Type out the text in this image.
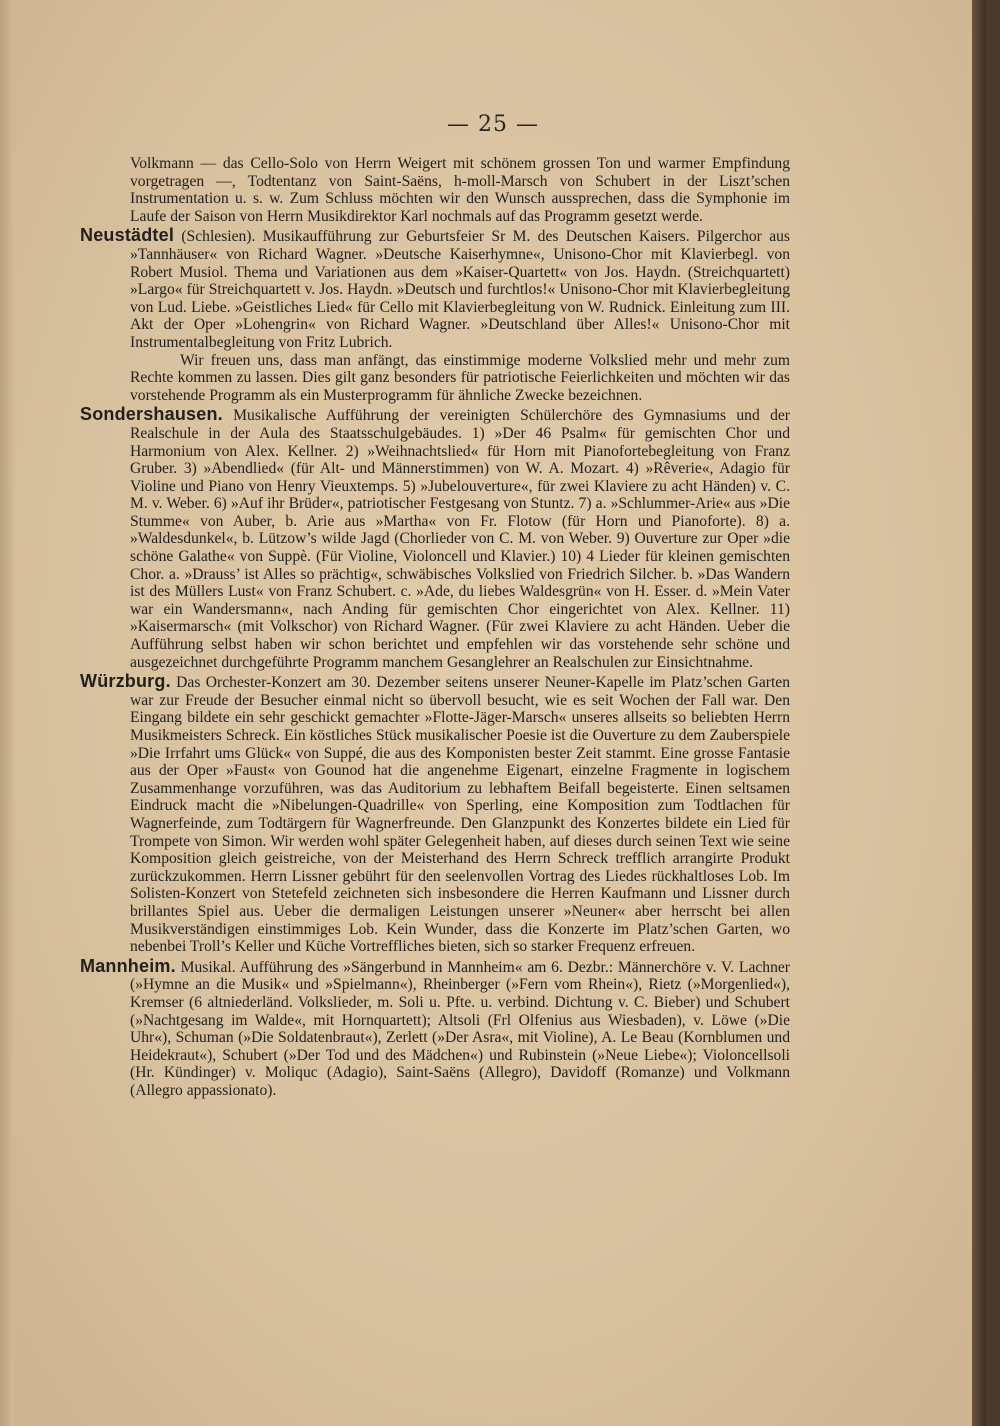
— 25 —

Volkmann — das Cello-Solo von Herrn Weigert mit schönem grossen Ton und warmer Empfindung vorgetragen —, Todtentanz von Saint-Saëns, h-moll-Marsch von Schubert in der Liszt’schen Instrumentation u. s. w. Zum Schluss möchten wir den Wunsch aussprechen, dass die Symphonie im Laufe der Saison von Herrn Musikdirektor Karl nochmals auf das Programm gesetzt werde.

Neustädtel (Schlesien). Musikaufführung zur Geburtsfeier Sr M. des Deutschen Kaisers. Pilgerchor aus »Tannhäuser« von Richard Wagner. »Deutsche Kaiserhymne«, Unisono-Chor mit Klavierbegl. von Robert Musiol. Thema und Variationen aus dem »Kaiser-Quartett« von Jos. Haydn. (Streichquartett) »Largo« für Streichquartett v. Jos. Haydn. »Deutsch und furchtlos!« Unisono-Chor mit Klavierbegleitung von Lud. Liebe. »Geistliches Lied« für Cello mit Klavierbegleitung von W. Rudnick. Einleitung zum III. Akt der Oper »Lohengrin« von Richard Wagner. »Deutschland über Alles!« Unisono-Chor mit Instrumentalbegleitung von Fritz Lubrich.

Wir freuen uns, dass man anfängt, das einstimmige moderne Volkslied mehr und mehr zum Rechte kommen zu lassen. Dies gilt ganz besonders für patriotische Feierlichkeiten und möchten wir das vorstehende Programm als ein Musterprogramm für ähnliche Zwecke bezeichnen.

Sondershausen. Musikalische Aufführung der vereinigten Schülerchöre des Gymnasiums und der Realschule in der Aula des Staatsschulgebäudes. 1) »Der 46 Psalm« für gemischten Chor und Harmonium von Alex. Kellner. 2) »Weihnachtslied« für Horn mit Pianofortebegleitung von Franz Gruber. 3) »Abendlied« (für Alt- und Männerstimmen) von W. A. Mozart. 4) »Rêverie«, Adagio für Violine und Piano von Henry Vieuxtemps. 5) »Jubelouverture«, für zwei Klaviere zu acht Händen) v. C. M. v. Weber. 6) »Auf ihr Brüder«, patriotischer Festgesang von Stuntz. 7) a. »Schlummer-Arie« aus »Die Stumme« von Auber, b. Arie aus »Martha« von Fr. Flotow (für Horn und Pianoforte). 8) a. »Waldesdunkel«, b. Lützow’s wilde Jagd (Chorlieder von C. M. von Weber. 9) Ouverture zur Oper »die schöne Galathe« von Suppè. (Für Violine, Violoncell und Klavier.) 10) 4 Lieder für kleinen gemischten Chor. a. »Drauss’ ist Alles so prächtig«, schwäbisches Volkslied von Friedrich Silcher. b. »Das Wandern ist des Müllers Lust« von Franz Schubert. c. »Ade, du liebes Waldesgrün« von H. Esser. d. »Mein Vater war ein Wandersmann«, nach Anding für gemischten Chor eingerichtet von Alex. Kellner. 11) »Kaisermarsch« (mit Volkschor) von Richard Wagner. (Für zwei Klaviere zu acht Händen. Ueber die Aufführung selbst haben wir schon berichtet und empfehlen wir das vorstehende sehr schöne und ausgezeichnet durchgeführte Programm manchem Gesanglehrer an Realschulen zur Einsichtnahme.

Würzburg. Das Orchester-Konzert am 30. Dezember seitens unserer Neuner-Kapelle im Platz’schen Garten war zur Freude der Besucher einmal nicht so übervoll besucht, wie es seit Wochen der Fall war. Den Eingang bildete ein sehr geschickt gemachter »Flotte-Jäger-Marsch« unseres allseits so beliebten Herrn Musikmeisters Schreck. Ein köstliches Stück musikalischer Poesie ist die Ouverture zu dem Zauberspiele »Die Irrfahrt ums Glück« von Suppé, die aus des Komponisten bester Zeit stammt. Eine grosse Fantasie aus der Oper »Faust« von Gounod hat die angenehme Eigenart, einzelne Fragmente in logischem Zusammenhange vorzuführen, was das Auditorium zu lebhaftem Beifall begeisterte. Einen seltsamen Eindruck macht die »Nibelungen-Quadrille« von Sperling, eine Komposition zum Todtlachen für Wagnerfeinde, zum Todtärgern für Wagnerfreunde. Den Glanzpunkt des Konzertes bildete ein Lied für Trompete von Simon. Wir werden wohl später Gelegenheit haben, auf dieses durch seinen Text wie seine Komposition gleich geistreiche, von der Meisterhand des Herrn Schreck trefflich arrangirte Produkt zurückzukommen. Herrn Lissner gebührt für den seelenvollen Vortrag des Liedes rückhaltloses Lob. Im Solisten-Konzert von Stetefeld zeichneten sich insbesondere die Herren Kaufmann und Lissner durch brillantes Spiel aus. Ueber die dermaligen Leistungen unserer »Neuner« aber herrscht bei allen Musikverständigen einstimmiges Lob. Kein Wunder, dass die Konzerte im Platz’schen Garten, wo nebenbei Troll’s Keller und Küche Vortreffliches bieten, sich so starker Frequenz erfreuen.

Mannheim. Musikal. Aufführung des »Sängerbund in Mannheim« am 6. Dezbr.: Männerchöre v. V. Lachner (»Hymne an die Musik« und »Spielmann«), Rheinberger (»Fern vom Rhein«), Rietz (»Morgenlied«), Kremser (6 altniederländ. Volkslieder, m. Soli u. Pfte. u. verbind. Dichtung v. C. Bieber) und Schubert (»Nachtgesang im Walde«, mit Hornquartett); Altsoli (Frl Olfenius aus Wiesbaden), v. Löwe (»Die Uhr«), Schuman (»Die Soldatenbraut«), Zerlett (»Der Asra«, mit Violine), A. Le Beau (Kornblumen und Heidekraut«), Schubert (»Der Tod und des Mädchen«) und Rubinstein (»Neue Liebe«); Violoncellsoli (Hr. Kündinger) v. Moliquc (Adagio), Saint-Saëns (Allegro), Davidoff (Romanze) und Volkmann (Allegro appassionato).
